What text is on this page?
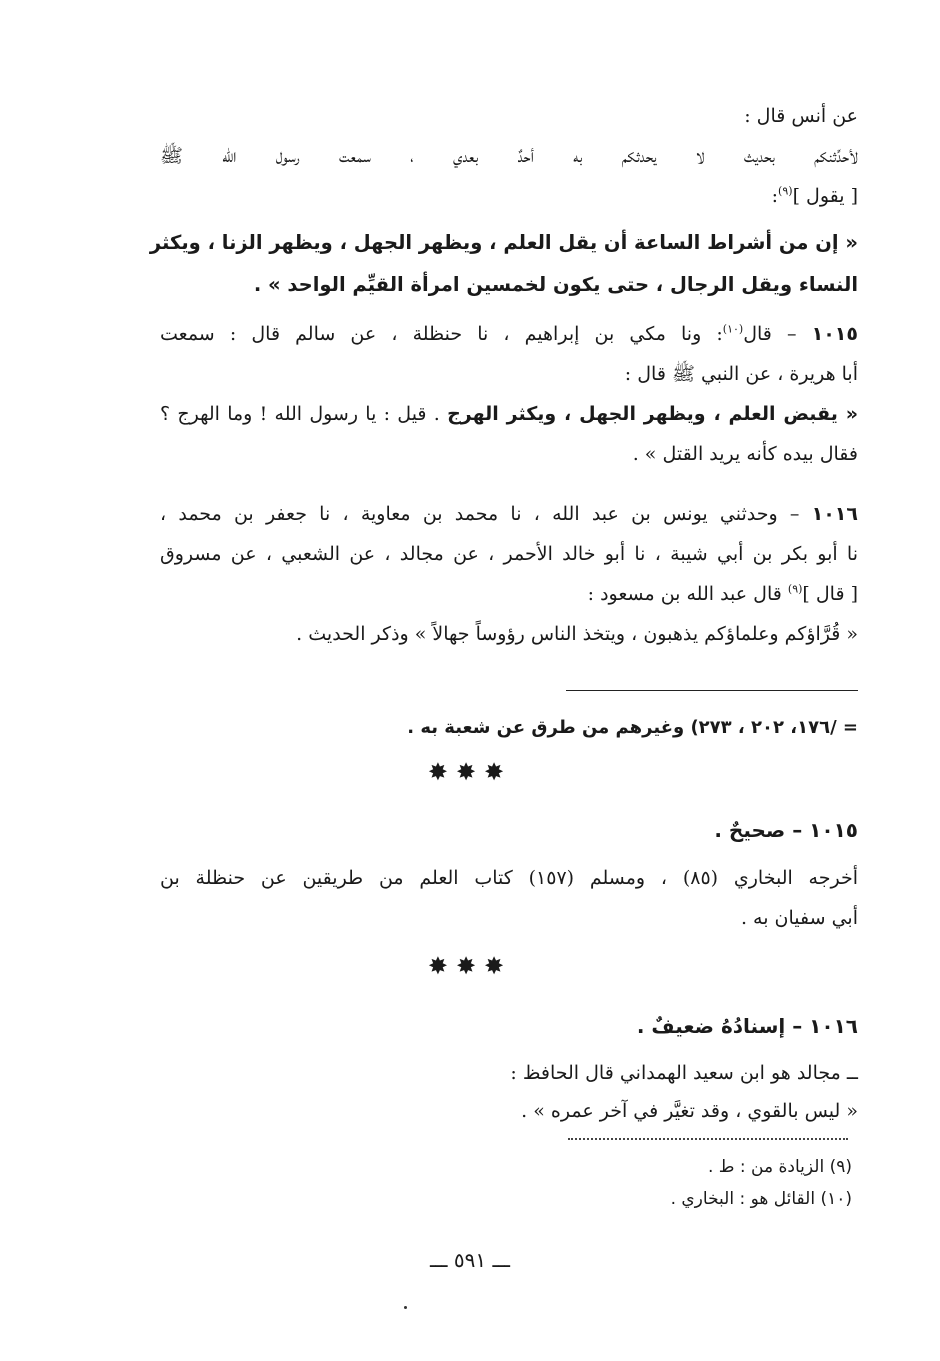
عن أنس قال :
لأحدِّثنكم بحديث لا يحدثكم به أحدٌ بعدي ، سمعت رسول الله ﷺ
[ يقول ]$^{(٩)}$:
« إن من أشراط الساعة أن يقل العلم ، ويظهر الجهل ، ويظهر الزنا ، ويكثر
النساء ويقل الرجال ، حتى يكون لخمسين امرأة القيِّم الواحد » .
١٠١٥ – قال$^{(١٠)}$: ونا مكي بن إبراهيم ، نا حنظلة ، عن سالم قال : سمعت
أبا هريرة ، عن النبي ﷺ قال :
« يقبض العلم ، ويظهر الجهل ، ويكثر الهرج . قيل : يا رسول الله ! وما الهرج ؟
فقال بيده كأنه يريد القتل » .
١٠١٦ – وحدثني يونس بن عبد الله ، نا محمد بن معاوية ، نا جعفر بن محمد ،
نا أبو بكر بن أبي شيبة ، نا أبو خالد الأحمر ، عن مجالد ، عن الشعبي ، عن مسروق
[ قال ]$^{(٩)}$ قال عبد الله بن مسعود :
« قُرَّاؤكم وعلماؤكم يذهبون ، ويتخذ الناس رؤوساً جهالاً » وذكر الحديث .
= /١٧٦، ٢٠٢ ، ٢٧٣) وغيرهم من طرق عن شعبة به .
✸✸✸
١٠١٥ – صحيحٌ .
أخرجه البخاري (٨٥) ، ومسلم (١٥٧) كتاب العلم من طريقين عن حنظلة بن
أبي سفيان به .
✸✸✸
١٠١٦ – إسنادُهُ ضعيفٌ .
ــ مجالد هو ابن سعيد الهمداني قال الحافظ :
« ليس بالقوي ، وقد تغيَّر في آخر عمره » .
(٩) الزيادة من : ط .
(١٠) القائل هو : البخاري .
ـــ ٥٩١ ـــ
